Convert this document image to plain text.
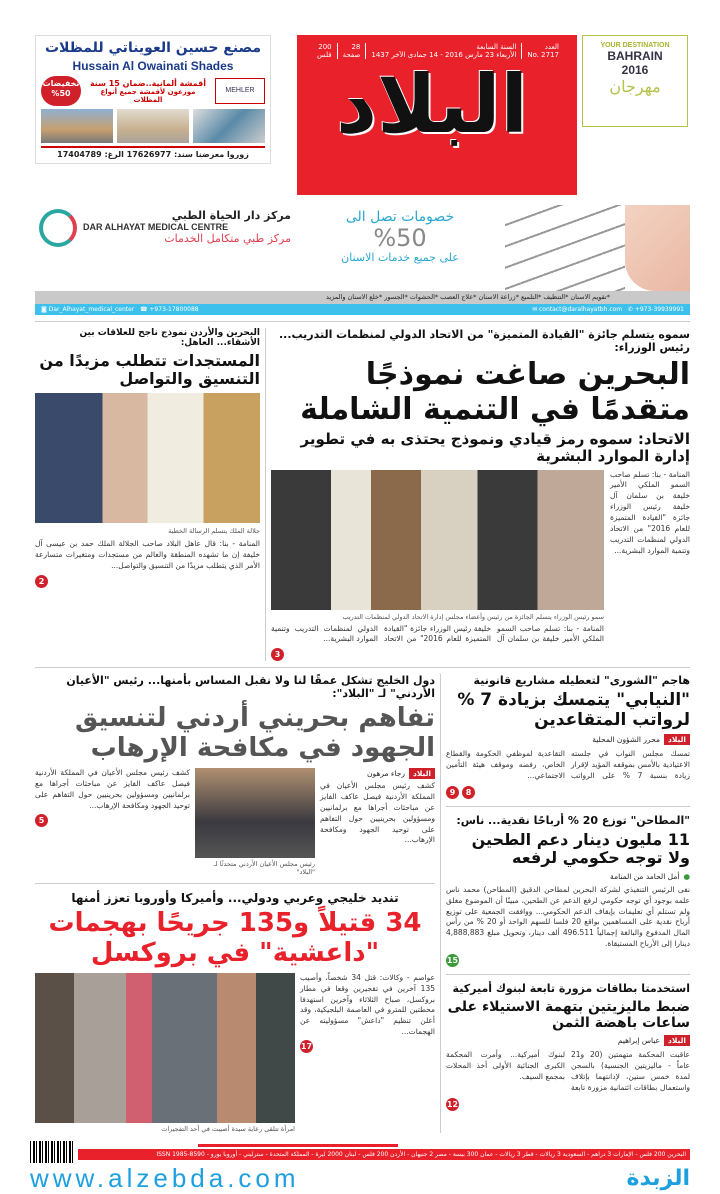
مصنع حسين العويناتي للمظلات
Hussain Al Owainati Shades
تخفيضات 50%
أقمشة ألمانية..ضمان 15 سنة
موزعون لأقمشة جميع أنواع المظلات
MEHLER
زوروا معرضنا سند: 17626977 الرغ: 17404789
العدد
No. 2717
السنة السابعة
الأربعاء 23 مارس 2016 - 14 جمادى الآخر 1437
28
صفحة
200
فلس
البلاد
YOUR DESTINATION
BAHRAIN
2016
مهرجان
مركز دار الحياة الطبي
DAR ALHAYAT MEDICAL CENTRE
مركز طبي متكامل الخدمات
خصومات تصل الى
%50
على جميع خدمات الاسنان
*تقويم الاسنان *التنظيف *التلميع *زراعة الاسنان *علاج العصب *الحشوات *الجسور *خلع الاسنان والمزيد
◙ Dar_Alhayat_medical_center   ☎ +973-17800088	✉ contact@daralhayatbh.com   ✆ +973-39939991
البحرين والأردن نموذج ناجح للعلاقات بين الأشقاء... العاهل:
المستجدات تتطلب مزيدًا من التنسيق والتواصل
جلالة الملك يتسلم الرسالة الخطية
المنامة - بنا: قال عاهل البلاد صاحب الجلالة الملك حمد بن عيسى آل خليفة إن ما تشهده المنطقة والعالم من مستجدات ومتغيرات متسارعة الأمر الذي يتطلب مزيدًا من التنسيق والتواصل...
2
سموه يتسلم جائزة "القيادة المتميزة" من الاتحاد الدولي لمنظمات التدريب... رئيس الوزراء:
البحرين صاغت نموذجًا متقدمًا في التنمية الشاملة
الاتحاد: سموه رمز قيادي ونموذج يحتذى به في تطوير إدارة الموارد البشرية
المنامة - بنا: تسلم صاحب السمو الملكي الأمير خليفة بن سلمان آل خليفة رئيس الوزراء جائزة "القيادة المتميزة للعام 2016" من الاتحاد الدولي لمنظمات التدريب وتنمية الموارد البشرية...
سمو رئيس الوزراء يتسلم الجائزة من رئيس وأعضاء مجلس إدارة الاتحاد الدولي لمنظمات التدريب
المنامة - بنا: تسلم صاحب السمو الملكي الأمير خليفة بن سلمان آل خليفة رئيس الوزراء جائزة "القيادة المتميزة للعام 2016" من الاتحاد الدولي لمنظمات التدريب وتنمية الموارد البشرية...
3
دول الخليج تشكل عمقًا لنا ولا نقبل المساس بأمنها... رئيس "الأعيان الأردني" لـ "البلاد":
تفاهم بحريني أردني لتنسيق الجهود في مكافحة الإرهاب
البلاد
رجاء مرهون
كشف رئيس مجلس الأعيان في المملكة الأردنية فيصل عاكف الفايز عن مباحثات أجراها مع برلمانيين ومسؤولين بحرينيين حول التفاهم على توحيد الجهود ومكافحة الإرهاب...
رئيس مجلس الأعيان الأردني متحدثًا لـ "البلاد"
كشف رئيس مجلس الأعيان في المملكة الأردنية فيصل عاكف الفايز عن مباحثات أجراها مع برلمانيين ومسؤولين بحرينيين حول التفاهم على توحيد الجهود ومكافحة الإرهاب...
5
تنديد خليجي وعربي ودولي... وأميركا وأوروبا تعزز أمنها
34 قتيلاً و135 جريحًا بهجمات "داعشية" في بروكسل
عواصم - وكالات: قتل 34 شخصاً، وأصيب 135 آخرين في تفجيرين وقعا في مطار بروكسل، صباح الثلاثاء وآخرين استهدفا محطتين للمترو في العاصمة البلجيكية، وقد أعلن تنظيم "داعش" مسؤوليته عن الهجمات...
17
امرأة تتلقى رعاية سيدة أصيبت في أحد التفجيرات
هاجم "الشورى" لتعطيله مشاريع قانونية
"النيابي" يتمسك بزيادة 7 % لرواتب المتقاعدين
البلاد
محرر الشؤون المحلية
تمسك مجلس النواب في جلسته الاعتيادية بالأمس بموقفه المؤيد لإقرار زيادة بنسبة 7 % على الرواتب التقاعدية لموظفي الحكومة والقطاع الخاص، رفضه وموقف هيئة التأمين الاجتماعي...
9	8
"المطاحن" توزع 20 % أرباحًا نقدية... ناس:
11 مليون دينار دعم الطحين ولا توجه حكومي لرفعه
●
أمل الحامد من المنامة
نفى الرئيس التنفيذي لشركة البحرين لمطاحن الدقيق (المطاحن) محمد ناس علمه بوجود أي توجه حكومي لرفع الدعم عن الطحين، مبينًا أن الموضوع مغلق ولم تستلم أي تعليمات بإيقاف الدعم الحكومي... ووافقت الجمعية على توزيع أرباح نقدية على المساهمين بواقع 20 فلسا للسهم الواحد أو 20 % من رأس المال المدفوع والبالغة إجمالياً 496.511 ألف دينار، وتحويل مبلغ 4,888,883 دينارا إلى الأرباح المستبقاة.
15
استخدمتا بطاقات مزورة تابعة لبنوك أميركية
ضبط ماليزيتين بتهمة الاستيلاء على ساعات باهضة الثمن
البلاد
عباس إبراهيم
عاقبت المحكمة متهمتين (20 و21 عاماً - ماليزيتين الجنسية) بالسجن لمدة خمس سنين، لإدانتهما بإتلاف واستعمال بطاقات ائتمانية مزورة تابعة لبنوك أميركية... وأمرت المحكمة الكبرى الجنائية الأولى أخذ المحلات بمجمع السيف.
12
البحرين 200 فلس - الإمارات 3 دراهم - السعودية 3 ريالات - قطر 3 ريالات - عمان 300 بيسة - مصر 2 جنيهان - الأردن 200 فلس - لبنان 2000 ليرة - المملكة المتحدة - سترليني - أوروبا يورو - ISSN 1985-8590
www.alzebda.com	الزبدة
